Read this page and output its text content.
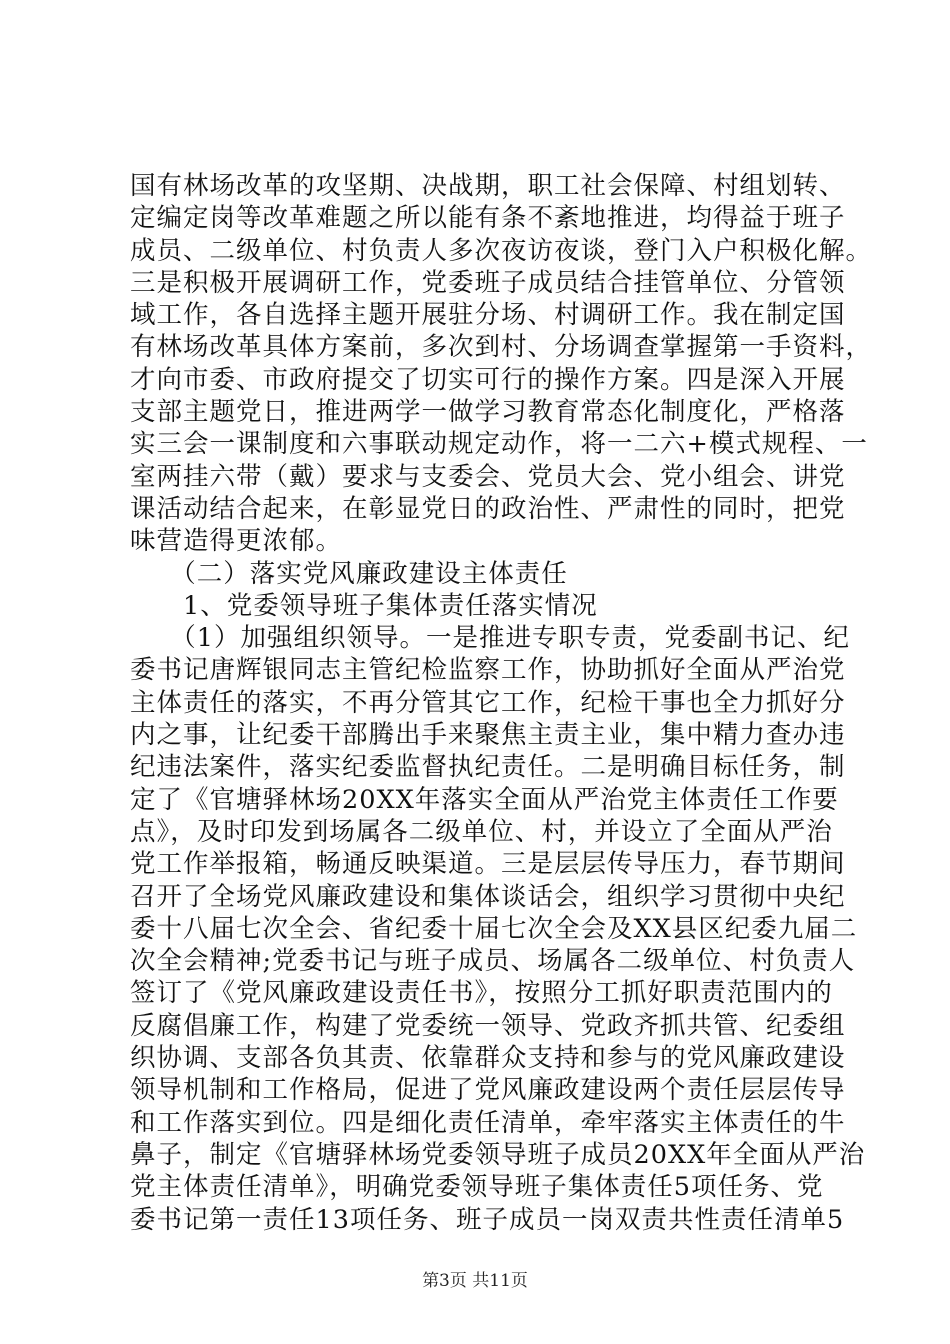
国有林场改革的攻坚期、决战期，职工社会保障、村组划转、
定编定岗等改革难题之所以能有条不紊地推进，均得益于班子
成员、二级单位、村负责人多次夜访夜谈，登门入户积极化解。
三是积极开展调研工作，党委班子成员结合挂管单位、分管领
域工作，各自选择主题开展驻分场、村调研工作。我在制定国
有林场改革具体方案前，多次到村、分场调查掌握第一手资料，
才向市委、市政府提交了切实可行的操作方案。四是深入开展
支部主题党日，推进两学一做学习教育常态化制度化，严格落
实三会一课制度和六事联动规定动作，将一二六+模式规程、一
室两挂六带（戴）要求与支委会、党员大会、党小组会、讲党
课活动结合起来，在彰显党日的政治性、严肃性的同时，把党
味营造得更浓郁。
　　（二）落实党风廉政建设主体责任
　　1、党委领导班子集体责任落实情况
　　（1）加强组织领导。一是推进专职专责，党委副书记、纪
委书记唐辉银同志主管纪检监察工作，协助抓好全面从严治党
主体责任的落实，不再分管其它工作，纪检干事也全力抓好分
内之事，让纪委干部腾出手来聚焦主责主业，集中精力查办违
纪违法案件，落实纪委监督执纪责任。二是明确目标任务，制
定了《官塘驿林场20XX年落实全面从严治党主体责任工作要
点》，及时印发到场属各二级单位、村，并设立了全面从严治
党工作举报箱，畅通反映渠道。三是层层传导压力，春节期间
召开了全场党风廉政建设和集体谈话会，组织学习贯彻中央纪
委十八届七次全会、省纪委十届七次全会及XX县区纪委九届二
次全会精神;党委书记与班子成员、场属各二级单位、村负责人
签订了《党风廉政建设责任书》，按照分工抓好职责范围内的
反腐倡廉工作，构建了党委统一领导、党政齐抓共管、纪委组
织协调、支部各负其责、依靠群众支持和参与的党风廉政建设
领导机制和工作格局，促进了党风廉政建设两个责任层层传导
和工作落实到位。四是细化责任清单，牵牢落实主体责任的牛
鼻子，制定《官塘驿林场党委领导班子成员20XX年全面从严治
党主体责任清单》，明确党委领导班子集体责任5项任务、党
委书记第一责任13项任务、班子成员一岗双责共性责任清单5
第3页 共11页
